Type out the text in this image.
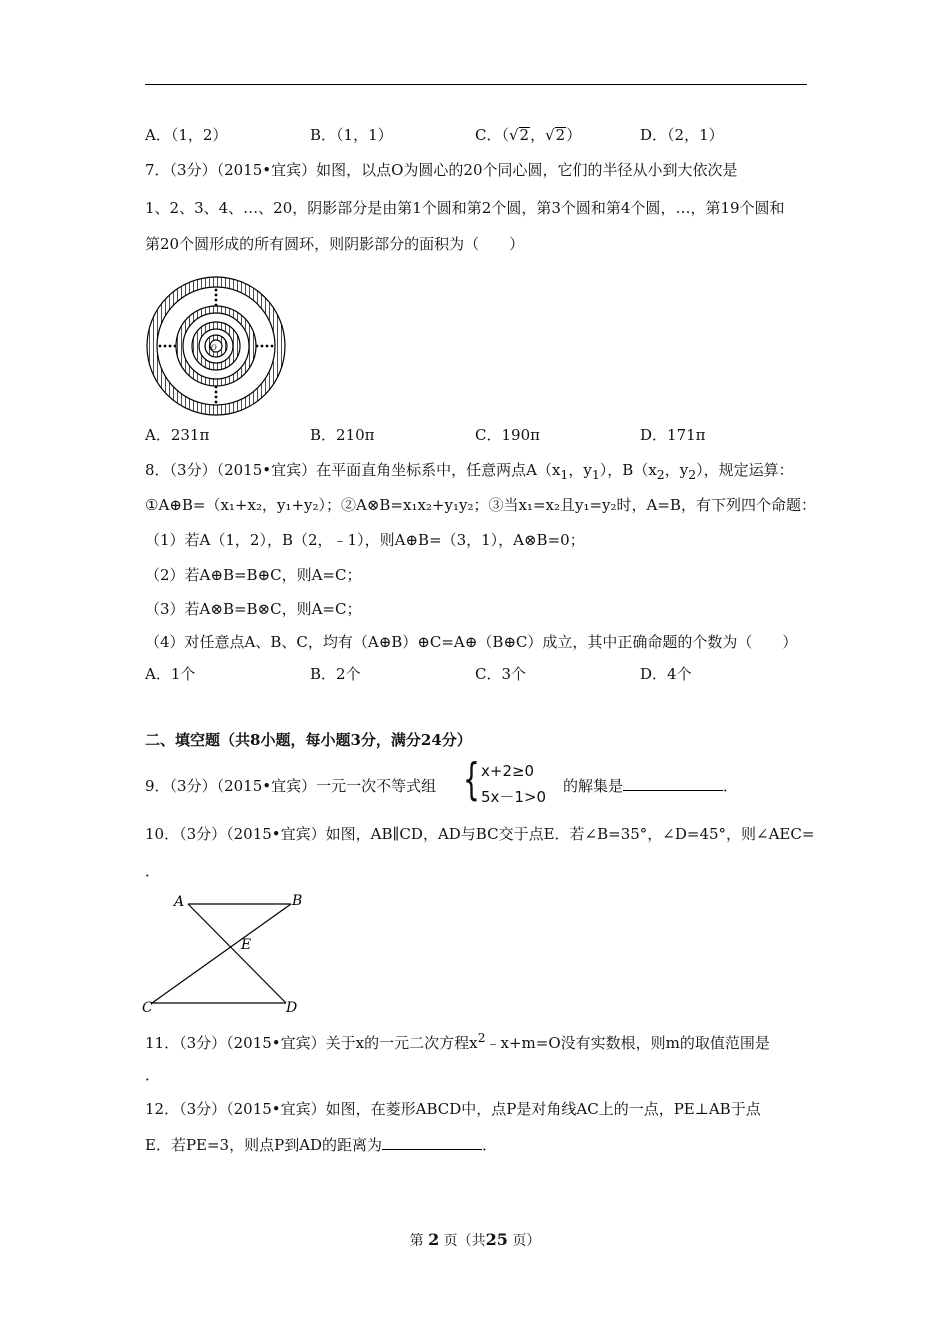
A．（1，2）	B．（1，1）	C．（√2，√2）	D．（2，1）
7．（3分）（2015•宜宾）如图，以点O为圆心的20个同心圆，它们的半径从小到大依次是
1、2、3、4、…、20，阴影部分是由第1个圆和第2个圆，第3个圆和第4个圆，…，第19个圆和
第20个圆形成的所有圆环，则阴影部分的面积为（　　）
O
A．231π	B．210π	C．190π	D．171π
8．（3分）（2015•宜宾）在平面直角坐标系中，任意两点$A(x_1$，$y_1$），$B(x_2$，$y_2$），规定运算：
①A⊕B=（x₁+x₂，y₁+y₂）；②A⊗B=x₁x₂+y₁y₂；③当x₁=x₂且y₁=y₂时，A=B，有下列四个命题：
（1）若A（1，2），B（2，﹣1），则A⊕B=（3，1），A⊗B=0；
（2）若A⊕B=B⊕C，则A=C；
（3）若A⊗B=B⊗C，则A=C；
（4）对任意点A、B、C，均有（A⊕B）⊕C=A⊕（B⊕C）成立，其中正确命题的个数为（　　）
A．1个	B．2个	C．3个	D．4个
二、填空题（共8小题，每小题3分，满分24分）
9．（3分）（2015•宜宾）一元一次不等式组 { x+2≥0
5x－1>0
的解集是	．
10．（3分）（2015•宜宾）如图，AB∥CD，AD与BC交于点E．若∠B=35°，∠D=45°，则∠AEC=
．
A	B
C	D
E
11．（3分）（2015•宜宾）关于x的一元二次方程$x^2﹣x+m=O$没有实数根，则m的取值范围是
．
12．（3分）（2015•宜宾）如图，在菱形ABCD中，点P是对角线AC上的一点，PE⊥AB于点
E．若PE=3，则点P到AD的距离为	．
第 2 页（共25 页）
